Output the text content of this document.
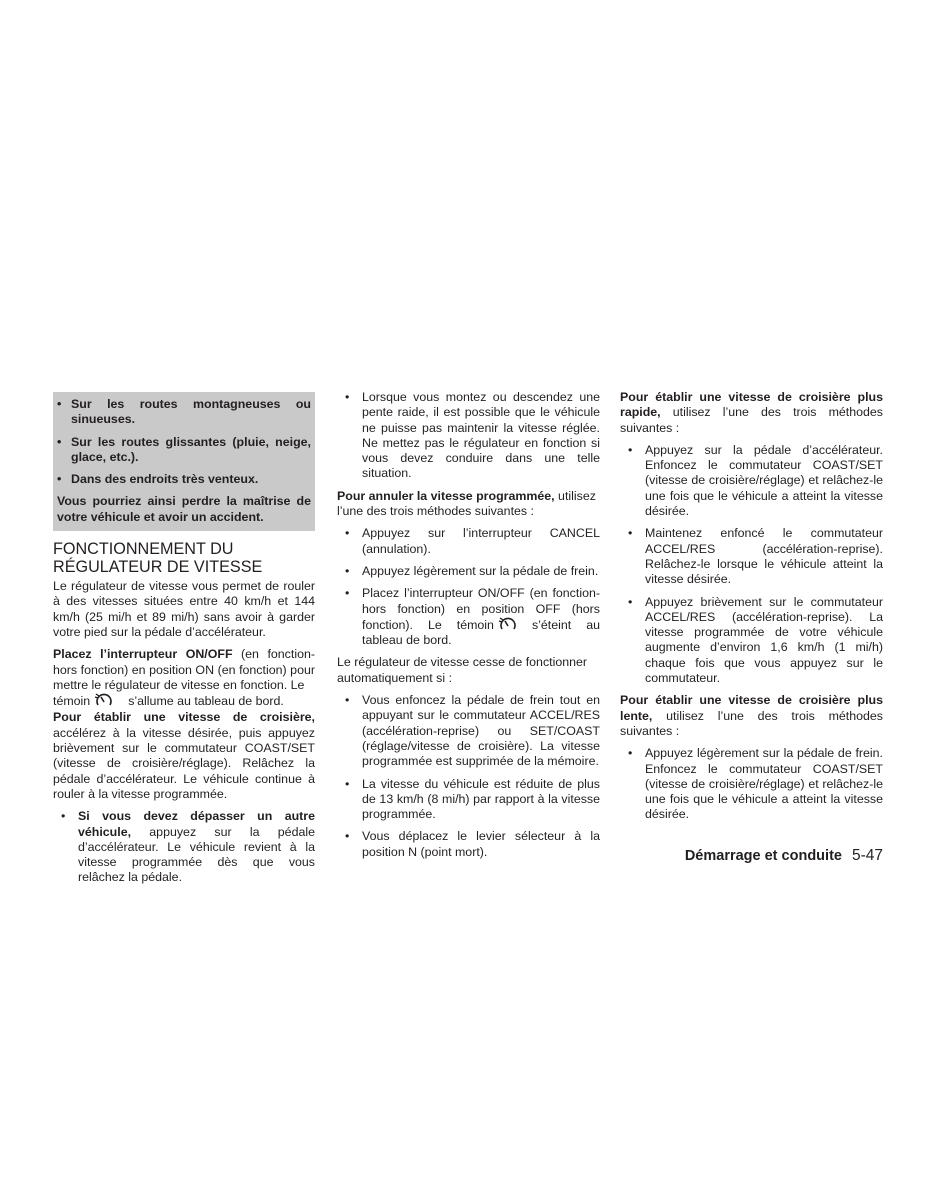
• Sur les routes montagneuses ou sinueuses.
• Sur les routes glissantes (pluie, neige, glace, etc.).
• Dans des endroits très venteux.

Vous pourriez ainsi perdre la maîtrise de votre véhicule et avoir un accident.

FONCTIONNEMENT DU
RÉGULATEUR DE VITESSE

Le régulateur de vitesse vous permet de rouler à des vitesses situées entre 40 km/h et 144 km/h (25 mi/h et 89 mi/h) sans avoir à garder votre pied sur la pédale d’accélérateur.

Placez l’interrupteur ON/OFF (en fonction-hors fonction) en position ON (en fonction) pour mettre le régulateur de vitesse en fonction. Le
témoin	s’allume au tableau de bord.

Pour établir une vitesse de croisière, accélérez à la vitesse désirée, puis appuyez brièvement sur le commutateur COAST/SET (vitesse de croisière/réglage). Relâchez la pédale d’accélérateur. Le véhicule continue à rouler à la vitesse programmée.

• Si vous devez dépasser un autre véhicule, appuyez sur la pédale d’accélérateur. Le véhicule revient à la vitesse programmée dès que vous relâchez la pédale.
• Lorsque vous montez ou descendez une pente raide, il est possible que le véhicule ne puisse pas maintenir la vitesse réglée. Ne mettez pas le régulateur en fonction si vous devez conduire dans une telle situation.

Pour annuler la vitesse programmée, utilisez l’une des trois méthodes suivantes :

• Appuyez sur l’interrupteur CANCEL (annulation).
• Appuyez légèrement sur la pédale de frein.
• Placez l’interrupteur ON/OFF (en fonction-hors fonction) en position OFF (hors fonction). Le témoin	s’éteint au tableau de bord.

Le régulateur de vitesse cesse de fonctionner automatiquement si :

• Vous enfoncez la pédale de frein tout en appuyant sur le commutateur ACCEL/RES (accélération-reprise) ou SET/COAST (réglage/vitesse de croisière). La vitesse programmée est supprimée de la mémoire.
• La vitesse du véhicule est réduite de plus de 13 km/h (8 mi/h) par rapport à la vitesse programmée.
• Vous déplacez le levier sélecteur à la position N (point mort).

Pour établir une vitesse de croisière plus rapide, utilisez l’une des trois méthodes suivantes :

• Appuyez sur la pédale d’accélérateur. Enfoncez le commutateur COAST/SET (vitesse de croisière/réglage) et relâchez-le une fois que le véhicule a atteint la vitesse désirée.
• Maintenez enfoncé le commutateur ACCEL/RES (accélération-reprise). Relâchez-le lorsque le véhicule atteint la vitesse désirée.
• Appuyez brièvement sur le commutateur ACCEL/RES (accélération-reprise). La vitesse programmée de votre véhicule augmente d’environ 1,6 km/h (1 mi/h) chaque fois que vous appuyez sur le commutateur.

Pour établir une vitesse de croisière plus lente, utilisez l’une des trois méthodes suivantes :

• Appuyez légèrement sur la pédale de frein. Enfoncez le commutateur COAST/SET (vitesse de croisière/réglage) et relâchez-le une fois que le véhicule a atteint la vitesse désirée.
Démarrage et conduite 5-47
